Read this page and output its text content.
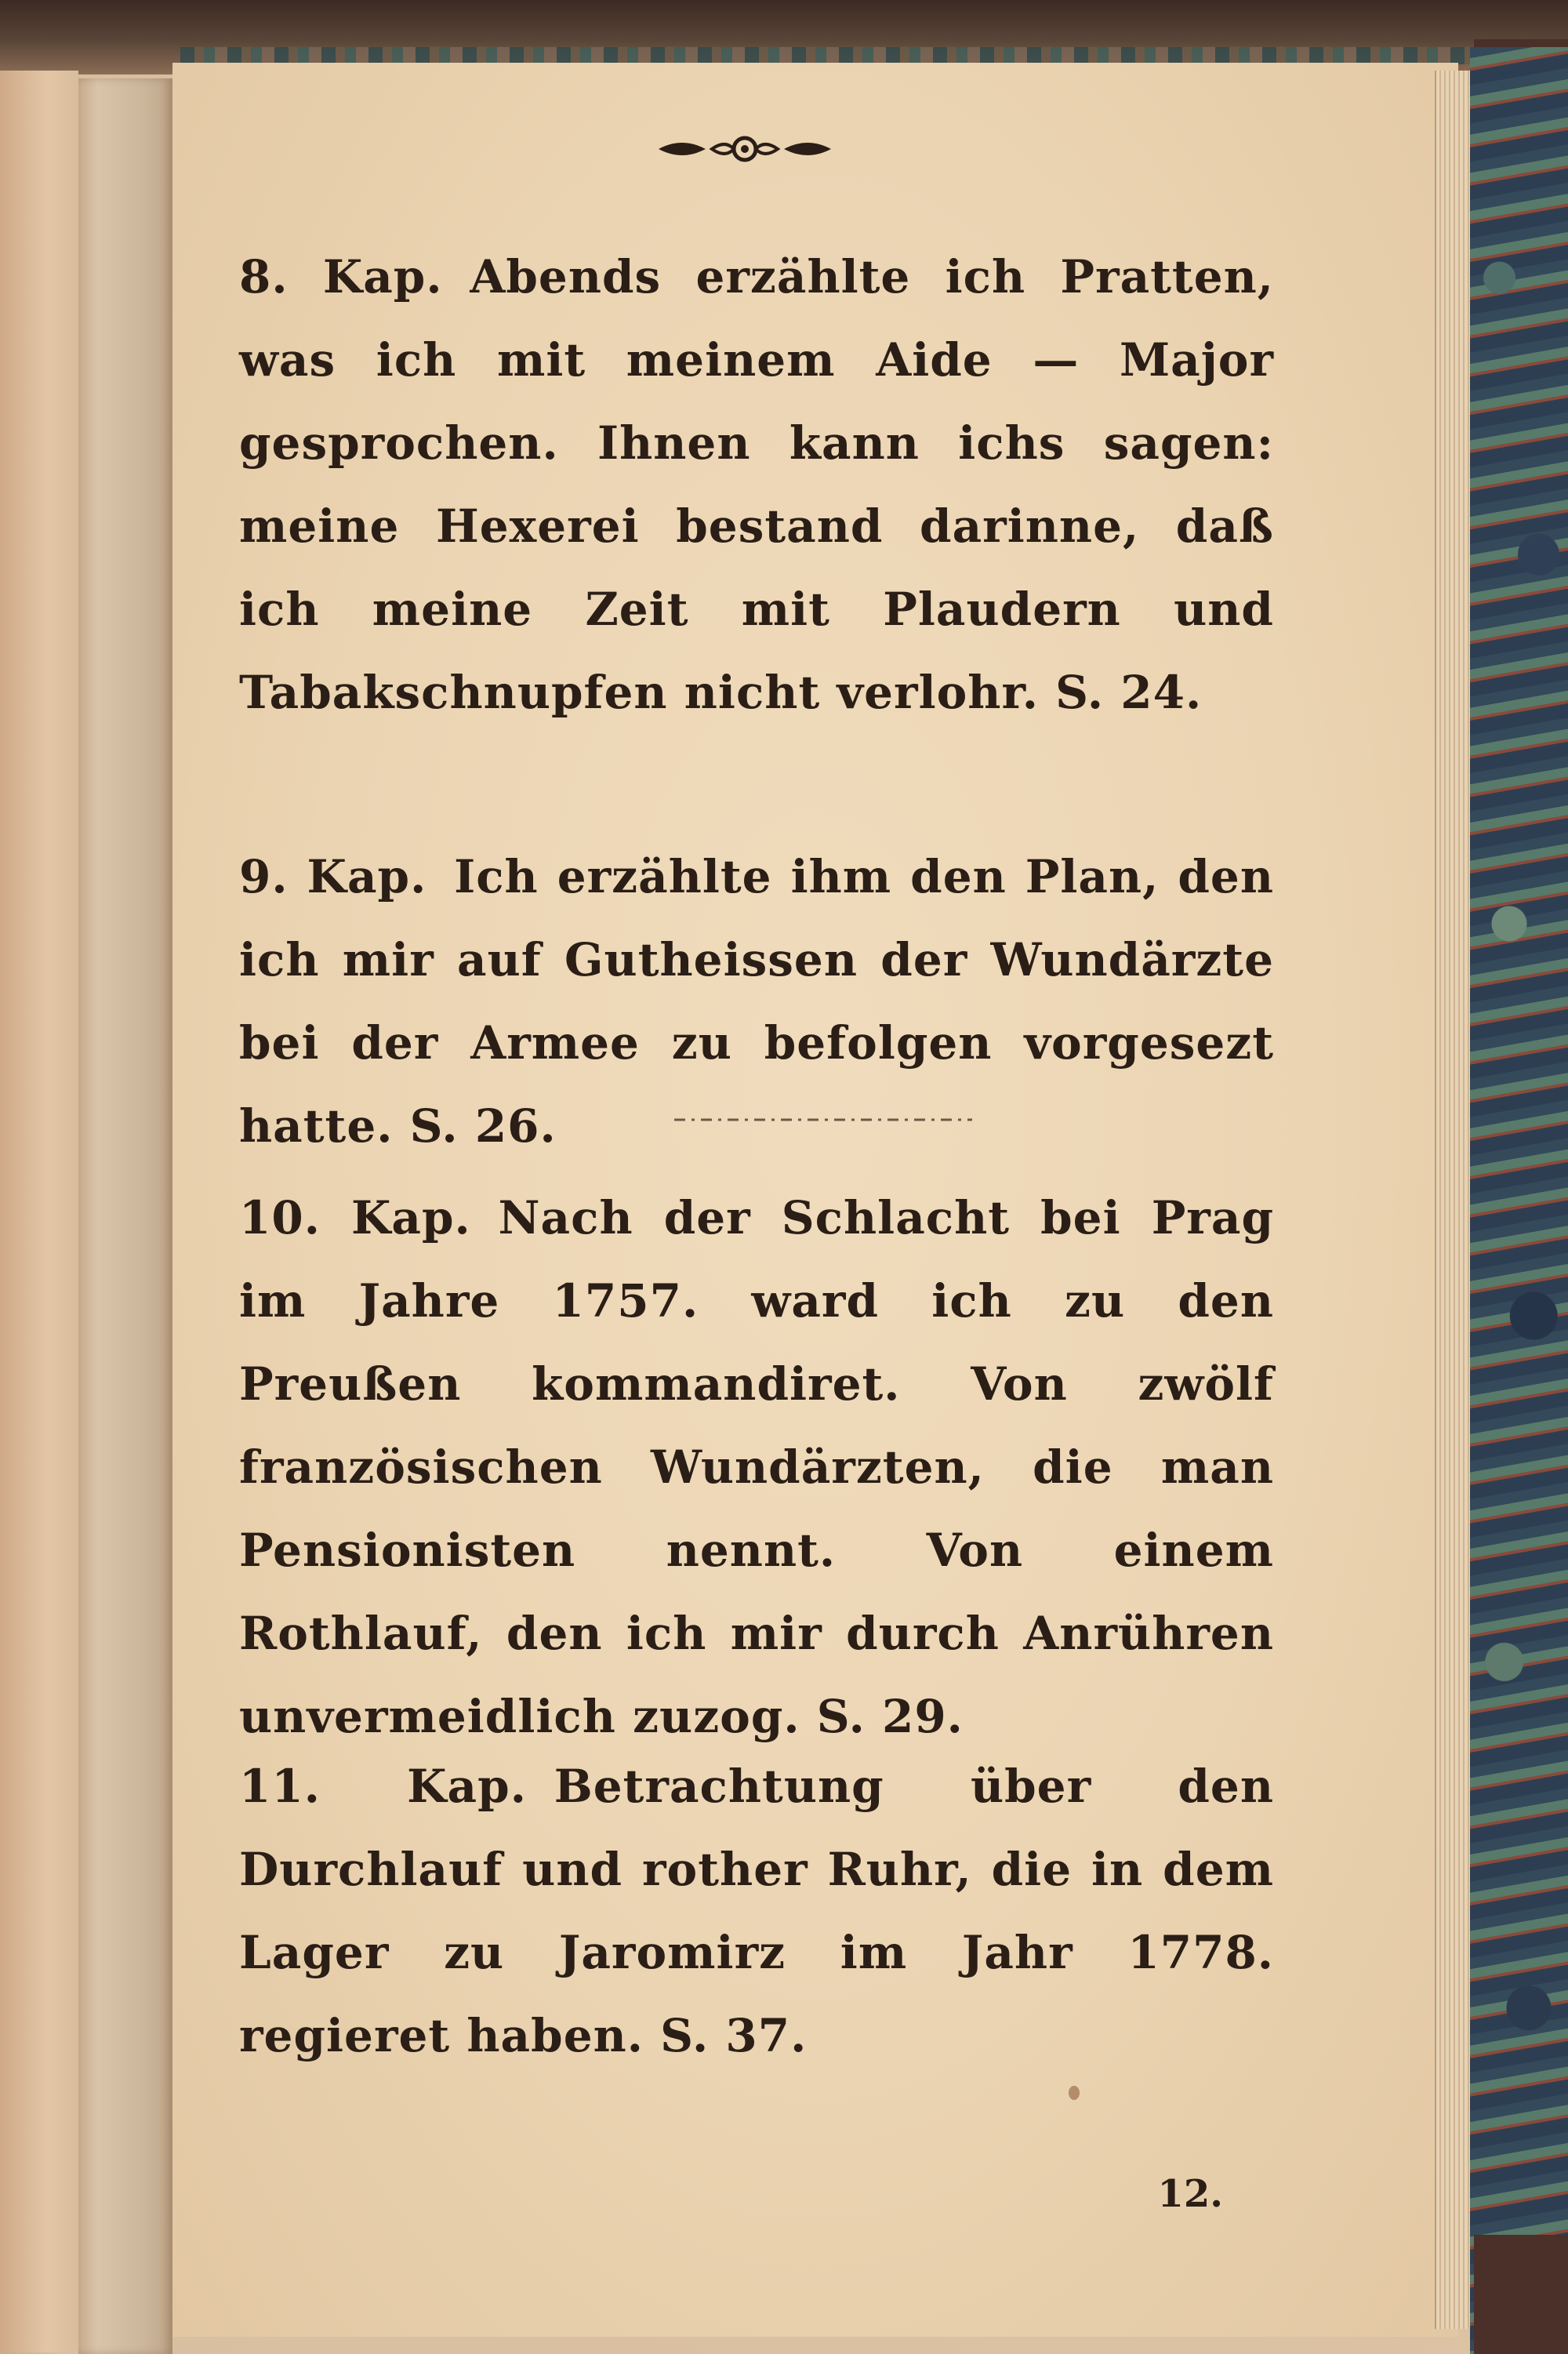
8. Kap. Abends erzählte ich Pratten, was ich mit meinem Aide — Major gesprochen. Ihnen kann ichs sagen: meine Hexerei bestand darinne, daß ich meine Zeit mit Plaudern und Tabakschnupfen nicht verlohr. S. 24.
9. Kap. Ich erzählte ihm den Plan, den ich mir auf Gutheissen der Wundärzte bei der Armee zu befolgen vorgesezt hatte. S. 26.
10. Kap. Nach der Schlacht bei Prag im Jahre 1757. ward ich zu den Preußen kommandiret. Von zwölf französischen Wundärzten, die man Pensionisten nennt. Von einem Rothlauf, den ich mir durch Anrühren unvermeidlich zuzog. S. 29.
11. Kap. Betrachtung über den Durchlauf und rother Ruhr, die in dem Lager zu Jaromirz im Jahr 1778. regieret haben. S. 37.
12.
